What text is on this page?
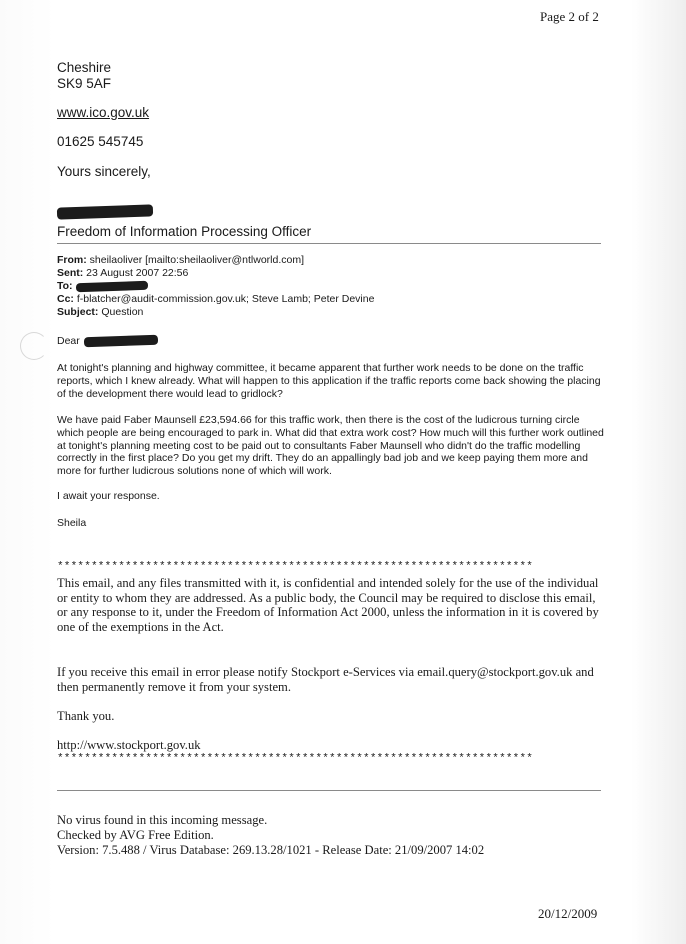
Page 2 of 2
Cheshire
SK9 5AF
www.ico.gov.uk
01625 545745
Yours sincerely,
Freedom of Information Processing Officer
From: sheilaoliver [mailto:sheilaoliver@ntlworld.com]
Sent: 23 August 2007 22:56
To:
Cc: f-blatcher@audit-commission.gov.uk; Steve Lamb; Peter Devine
Subject: Question
Dear
At tonight's planning and highway committee, it became apparent that further work needs to be done on the traffic reports, which I knew already. What will happen to this application if the traffic reports come back showing the placing of the development there would lead to gridlock?
We have paid Faber Maunsell £23,594.66 for this traffic work, then there is the cost of the ludicrous turning circle which people are being encouraged to park in. What did that extra work cost? How much will this further work outlined at tonight's planning meeting cost to be paid out to consultants Faber Maunsell who didn't do the traffic modelling correctly in the first place? Do you get my drift. They do an appallingly bad job and we keep paying them more and more for further ludicrous solutions none of which will work.
I await your response.
Sheila
**********************************************************************
This email, and any files transmitted with it, is confidential and intended solely for the use of the individual or entity to whom they are addressed. As a public body, the Council may be required to disclose this email, or any response to it, under the Freedom of Information Act 2000, unless the information in it is covered by one of the exemptions in the Act.
If you receive this email in error please notify Stockport e-Services via email.query@stockport.gov.uk and then permanently remove it from your system.
Thank you.
http://www.stockport.gov.uk
**********************************************************************
No virus found in this incoming message.
Checked by AVG Free Edition.
Version: 7.5.488 / Virus Database: 269.13.28/1021 - Release Date: 21/09/2007 14:02
20/12/2009
